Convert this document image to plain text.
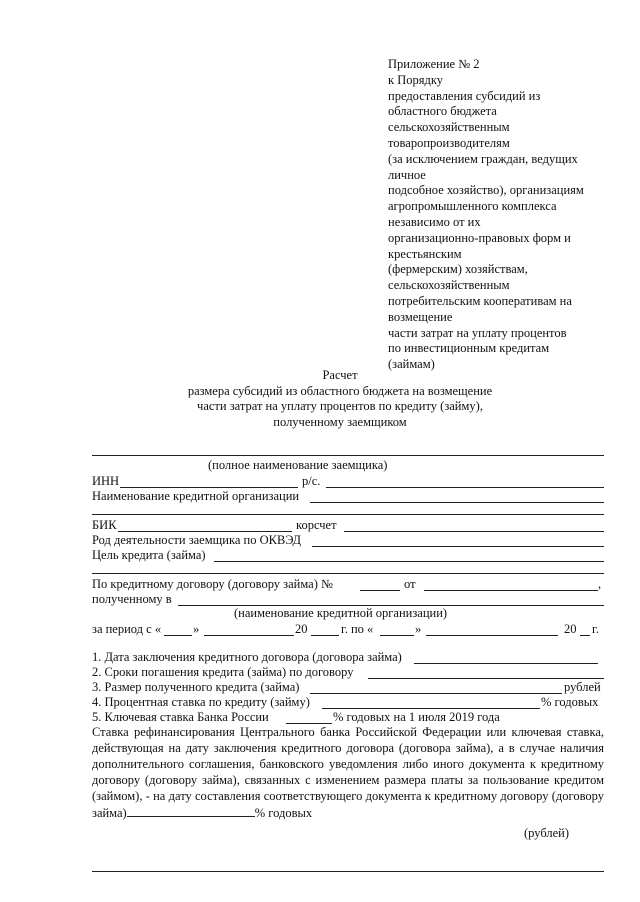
Приложение № 2
к Порядку
предоставления субсидий из
областного бюджета
сельскохозяйственным
товаропроизводителям
(за исключением граждан, ведущих
личное
подсобное хозяйство), организациям
агропромышленного комплекса
независимо от их
организационно-правовых форм и
крестьянским
(фермерским) хозяйствам,
сельскохозяйственным
потребительским кооперативам на
возмещение
части затрат на уплату процентов
по инвестиционным кредитам
(займам)
Расчет
размера субсидий из областного бюджета на возмещение
части затрат на уплату процентов по кредиту (займу),
полученному заемщиком
(полное наименование заемщика)
ИНН	р/с.
Наименование кредитной организации
БИК	корсчет
Род деятельности заемщика по ОКВЭД
Цель кредита (займа)
По кредитному договору (договору займа) №	от	,
полученному в
(наименование кредитной организации)
за период с «	»	20	г. по «	»	20 г.
1. Дата заключения кредитного договора (договора займа)
2. Сроки погашения кредита (займа) по договору
3. Размер полученного кредита (займа)	рублей
4. Процентная ставка по кредиту (займу)	% годовых
5. Ключевая ставка Банка России	% годовых на 1 июля 2019 года
Ставка рефинансирования Центрального банка Российской Федерации или ключевая ставка, действующая на дату заключения кредитного договора (договора займа), а в случае наличия дополнительного соглашения, банковского уведомления либо иного документа к кредитному договору (договору займа), связанных с изменением размера платы за пользование кредитом (займом), - на дату составления соответствующего документа к кредитному договору (договору займа)	% годовых
(рублей)
